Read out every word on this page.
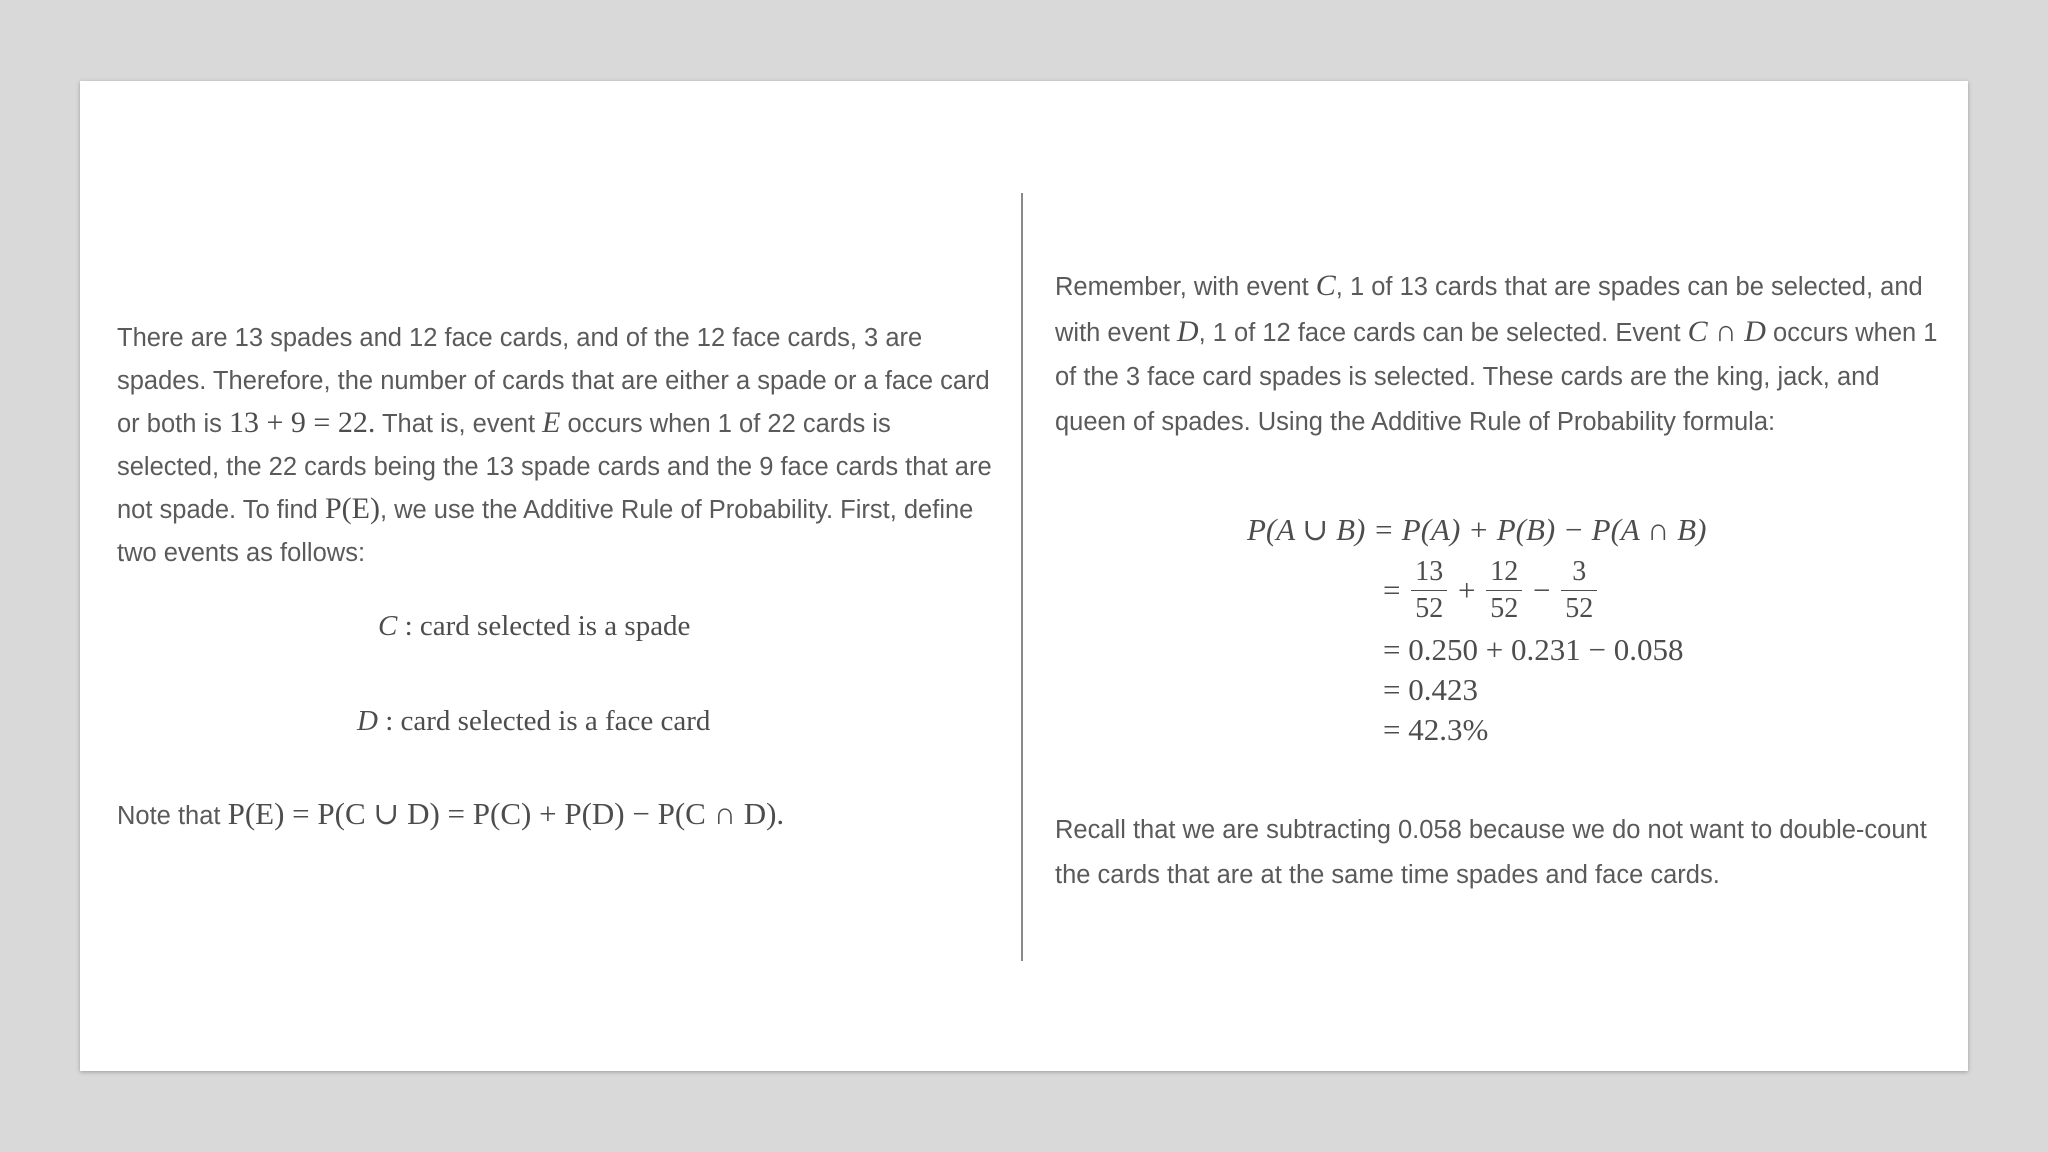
There are 13 spades and 12 face cards, and of the 12 face cards, 3 are spades. Therefore, the number of cards that are either a spade or a face card or both is 13 + 9 = 22. That is, event E occurs when 1 of 22 cards is selected, the 22 cards being the 13 spade cards and the 9 face cards that are not spade. To find P(E), we use the Additive Rule of Probability. First, define two events as follows:

C : card selected is a spade
D : card selected is a face card
Note that P(E) = P(C ∪ D) = P(C) + P(D) − P(C ∩ D).

Remember, with event C, 1 of 13 cards that are spades can be selected, and with event D, 1 of 12 face cards can be selected. Event C ∩ D occurs when 1 of the 3 face card spades is selected. These cards are the king, jack, and queen of spades. Using the Additive Rule of Probability formula:

P(A ∪ B) = P(A) + P(B) − P(A ∩ B)
= $\frac{13}{52} + \frac{12}{52} - \frac{3}{52}$
= 0.250 + 0.231 − 0.058
= 0.423
= 42.3%
Recall that we are subtracting 0.058 because we do not want to double-count the cards that are at the same time spades and face cards.
